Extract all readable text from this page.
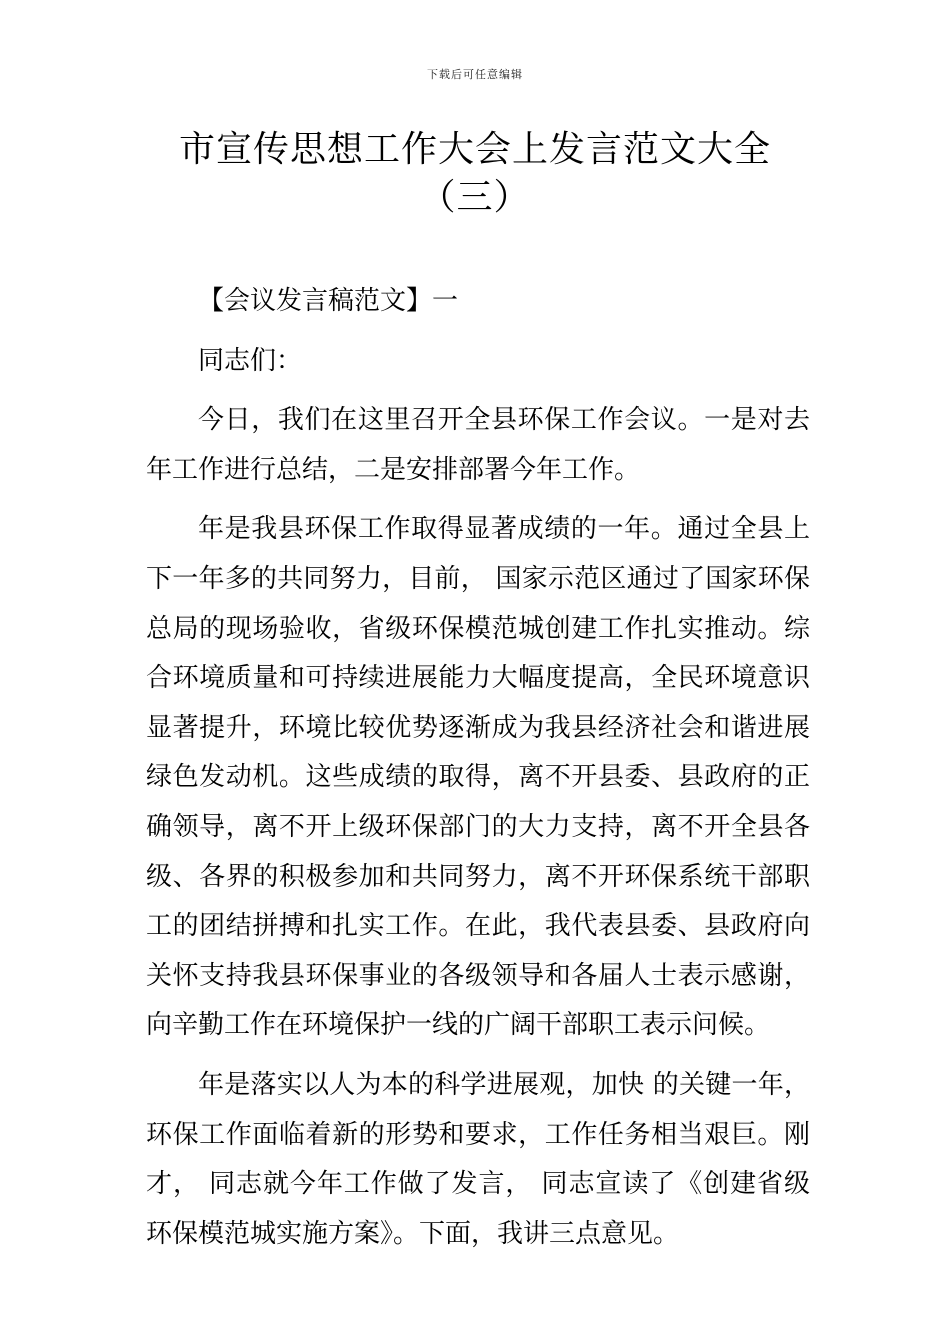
下载后可任意编辑
市宣传思想工作大会上发言范文大全
（三）

【会议发言稿范文】一

同志们：

今日，我们在这里召开全县环保工作会议。一是对去年工作进行总结，二是安排部署今年工作。

年是我县环保工作取得显著成绩的一年。通过全县上下一年多的共同努力，目前， 国家示范区通过了国家环保总局的现场验收，省级环保模范城创建工作扎实推动。综合环境质量和可持续进展能力大幅度提高，全民环境意识显著提升，环境比较优势逐渐成为我县经济社会和谐进展绿色发动机。这些成绩的取得，离不开县委、县政府的正确领导，离不开上级环保部门的大力支持，离不开全县各级、各界的积极参加和共同努力，离不开环保系统干部职工的团结拼搏和扎实工作。在此，我代表县委、县政府向关怀支持我县环保事业的各级领导和各届人士表示感谢，向辛勤工作在环境保护一线的广阔干部职工表示问候。

年是落实以人为本的科学进展观，加快 的关键一年，环保工作面临着新的形势和要求，工作任务相当艰巨。刚才， 同志就今年工作做了发言， 同志宣读了《创建省级环保模范城实施方案》。下面，我讲三点意见。
